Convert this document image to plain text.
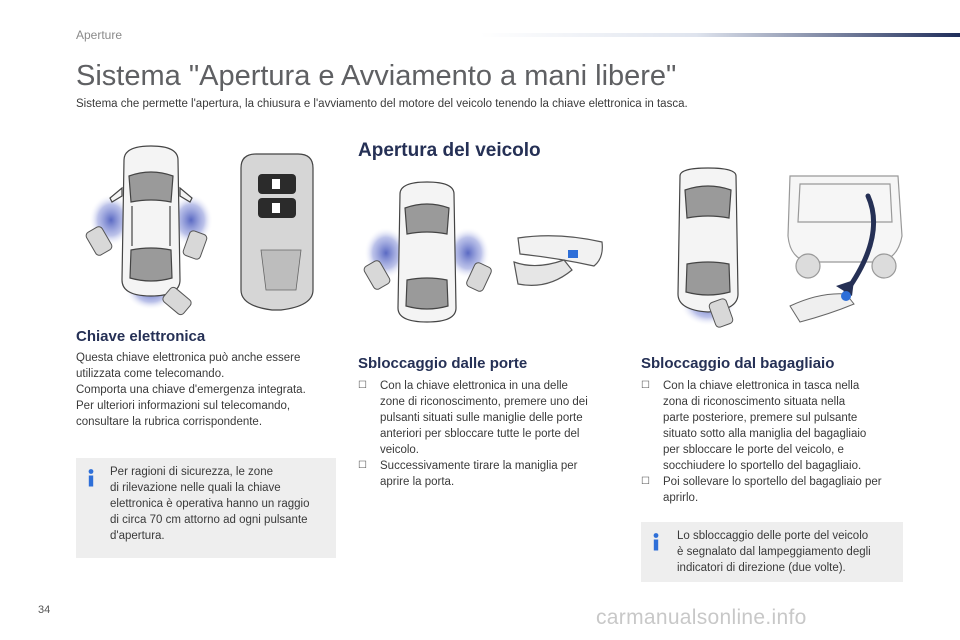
Aperture
Sistema "Apertura e Avviamento a mani libere"
Sistema che permette l'apertura, la chiusura e l'avviamento del motore del veicolo tenendo la chiave elettronica in tasca.
Chiave elettronica

Questa chiave elettronica può anche essere

utilizzata come telecomando.

Comporta una chiave d'emergenza integrata.

Per ulteriori informazioni sul telecomando,

consultare la rubrica corrispondente.

Per ragioni di sicurezza, le zone
di rilevazione nelle quali la chiave
elettronica è operativa hanno un raggio
di circa 70 cm attorno ad ogni pulsante
d'apertura.
Apertura del veicolo
Sbloccaggio dalle porte
☐ Con la chiave elettronica in una delle
zone di riconoscimento, premere uno dei
pulsanti situati sulle maniglie delle porte
anteriori per sbloccare tutte le porte del
veicolo.
☐ Successivamente tirare la maniglia per
aprire la porta.
Sbloccaggio dal bagagliaio
☐ Con la chiave elettronica in tasca nella
zona di riconoscimento situata nella
parte posteriore, premere sul pulsante
situato sotto alla maniglia del bagagliaio
per sbloccare le porte del veicolo, e
socchiudere lo sportello del bagagliaio.
☐ Poi sollevare lo sportello del bagagliaio per
aprirlo.
Lo sbloccaggio delle porte del veicolo
è segnalato dal lampeggiamento degli
indicatori di direzione (due volte).
34	carmanualsonline.info
